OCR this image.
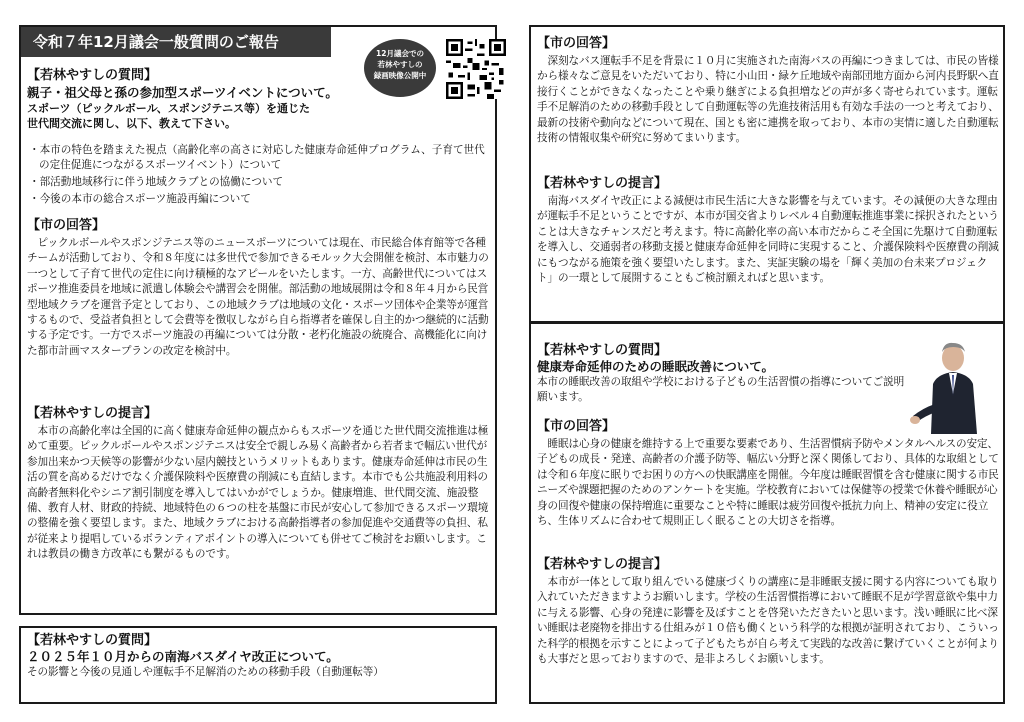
令和７年12月議会一般質問のご報告
12月議会での
若林やすしの
録画映像公開中
【若林やすしの質問】
親子・祖父母と孫の参加型スポーツイベントについて。
スポーツ（ピックルボール、スポンジテニス等）を通じた
世代間交流に関し、以下、教えて下さい。
・本市の特色を踏まえた視点（高齢化率の高さに対応した健康寿命延伸プログラム、子育て世代の定住促進につながるスポーツイベント）について
・部活動地域移行に伴う地域クラブとの協働について
・今後の本市の総合スポーツ施設再編について
【市の回答】
　ピックルボールやスポンジテニス等のニュースポーツについては現在、市民総合体育館等で各種チームが活動しており、令和８年度には多世代で参加できるモルック大会開催を検討、本市魅力の一つとして子育て世代の定住に向け積極的なアピールをいたします。一方、高齢世代についてはスポーツ推進委員を地域に派遣し体験会や講習会を開催。部活動の地域展開は令和８年４月から民営型地域クラブを運営予定としており、この地域クラブは地域の文化・スポーツ団体や企業等が運営するもので、受益者負担として会費等を徴収しながら自ら指導者を確保し自主的かつ継続的に活動する予定です。一方でスポーツ施設の再編については分散・老朽化施設の統廃合、高機能化に向けた都市計画マスタープランの改定を検討中。
【若林やすしの提言】
　本市の高齢化率は全国的に高く健康寿命延伸の観点からもスポーツを通じた世代間交流推進は極めて重要。ピックルボールやスポンジテニスは安全で親しみ易く高齢者から若者まで幅広い世代が参加出来かつ天候等の影響が少ない屋内競技というメリットもあります。健康寿命延伸は市民の生活の質を高めるだけでなく介護保険料や医療費の削減にも直結します。本市でも公共施設利用料の高齢者無料化やシニア割引制度を導入してはいかがでしょうか。健康増進、世代間交流、施設整備、教育人材、財政的持続、地域特色の６つの柱を基盤に市民が安心して参加できるスポーツ環境の整備を強く要望します。また、地域クラブにおける高齢指導者の参加促進や交通費等の負担、私が従来より提唱しているボランティアポイントの導入についても併せてご検討をお願いします。これは教員の働き方改革にも繋がるものです。
【若林やすしの質問】
２０２５年１０月からの南海バスダイヤ改正について。
その影響と今後の見通しや運転手不足解消のための移動手段（自動運転等）
【市の回答】
　深刻なバス運転手不足を背景に１０月に実施された南海バスの再編につきましては、市民の皆様から様々なご意見をいただいており、特に小山田・緑ケ丘地域や南部団地方面から河内長野駅へ直接行くことができなくなったことや乗り継ぎによる負担増などの声が多く寄せられています。運転手不足解消のための移動手段として自動運転等の先進技術活用も有効な手法の一つと考えており、最新の技術や動向などについて現在、国とも密に連携を取っており、本市の実情に適した自動運転技術の情報収集や研究に努めてまいります。
【若林やすしの提言】
　南海バスダイヤ改正による減便は市民生活に大きな影響を与えています。その減便の大きな理由が運転手不足ということですが、本市が国交省よりレベル４自動運転推進事業に採択されたということは大きなチャンスだと考えます。特に高齢化率の高い本市だからこそ全国に先駆けて自動運転を導入し、交通弱者の移動支援と健康寿命延伸を同時に実現すること、介護保険料や医療費の削減にもつながる施策を強く要望いたします。また、実証実験の場を「輝く美加の台未来プロジェクト」の一環として展開することもご検討願えればと思います。
【若林やすしの質問】
健康寿命延伸のための睡眠改善について。
本市の睡眠改善の取組や学校における子どもの生活習慣の指導についてご説明願います。
【市の回答】
　睡眠は心身の健康を維持する上で重要な要素であり、生活習慣病予防やメンタルヘルスの安定、子どもの成長・発達、高齢者の介護予防等、幅広い分野と深く関係しており、具体的な取組としては令和６年度に眠りでお困りの方への快眠講座を開催。今年度は睡眠習慣を含む健康に関する市民ニーズや課題把握のためのアンケートを実施。学校教育においては保健等の授業で休養や睡眠が心身の回復や健康の保持増進に重要なことや特に睡眠は疲労回復や抵抗力向上、精神の安定に役立ち、生体リズムに合わせて規則正しく眠ることの大切さを指導。
【若林やすしの提言】
　本市が一体として取り組んでいる健康づくりの講座に是非睡眠支援に関する内容についても取り入れていただきますようお願いします。学校の生活習慣指導において睡眠不足が学習意欲や集中力に与える影響、心身の発達に影響を及ぼすことを啓発いただきたいと思います。浅い睡眠に比べ深い睡眠は老廃物を排出する仕組みが１０倍も働くという科学的な根拠が証明されており、こういった科学的根拠を示すことによって子どもたちが自ら考えて実践的な改善に繋げていくことが何よりも大事だと思っておりますので、是非よろしくお願いします。
